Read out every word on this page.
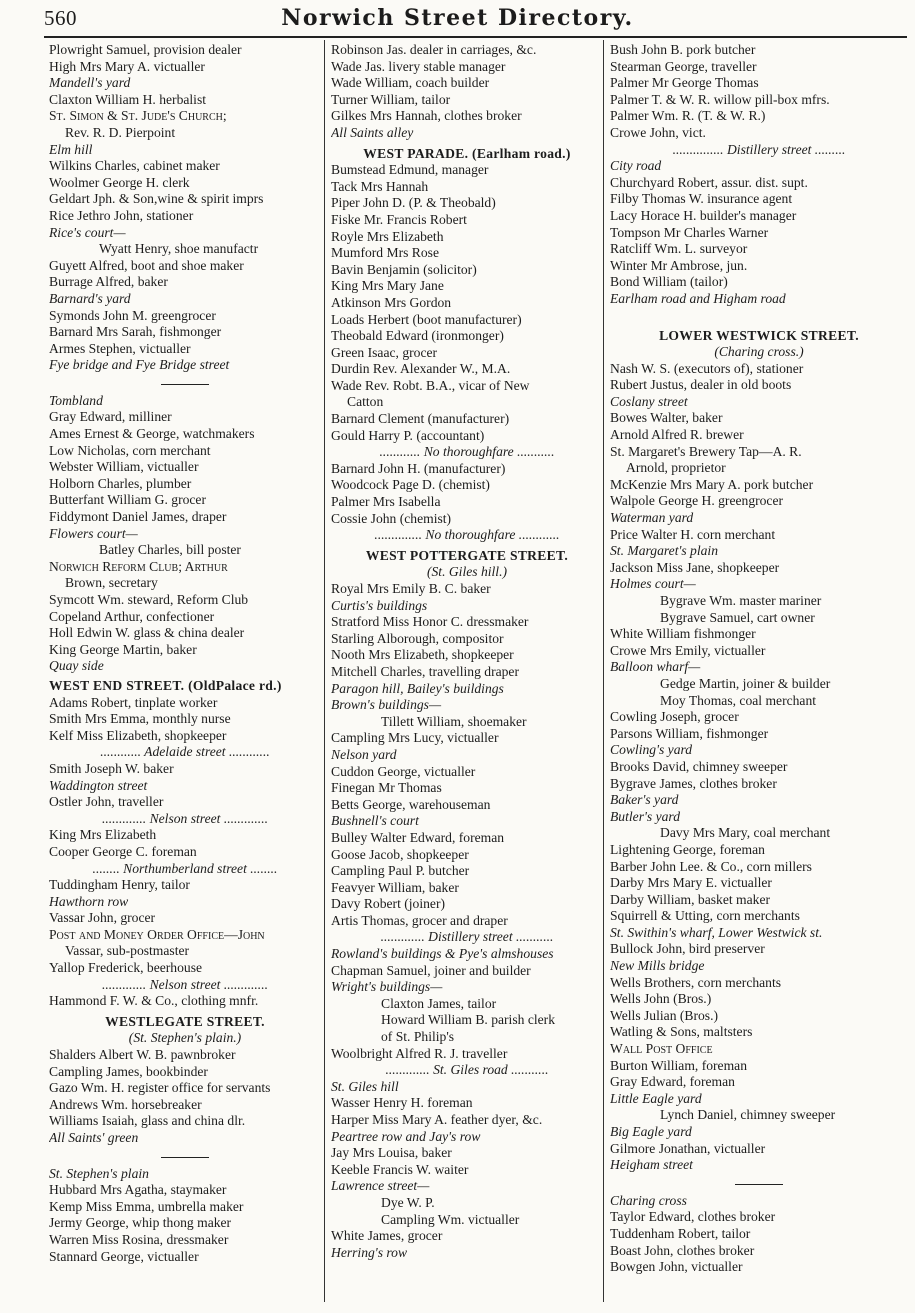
560	Norwich Street Directory.
Plowright Samuel, provision dealer
High Mrs Mary A. victualler
Mandell's yard
Claxton William H. herbalist
St. Simon & St. Jude's Church;
Rev. R. D. Pierpoint
Elm hill
Wilkins Charles, cabinet maker
Woolmer George H. clerk
Geldart Jph. & Son,wine & spirit imprs
Rice Jethro John, stationer
Rice's court—
Wyatt Henry, shoe manufactr
Guyett Alfred, boot and shoe maker
Burrage Alfred, baker
Barnard's yard
Symonds John M. greengrocer
Barnard Mrs Sarah, fishmonger
Armes Stephen, victualler
Fye bridge and Fye Bridge street
Tombland
Gray Edward, milliner
Ames Ernest & George, watchmakers
Low Nicholas, corn merchant
Webster William, victualler
Holborn Charles, plumber
Butterfant William G. grocer
Fiddymont Daniel James, draper
Flowers court—
Batley Charles, bill poster
Norwich Reform Club; Arthur
Brown, secretary
Symcott Wm. steward, Reform Club
Copeland Arthur, confectioner
Holl Edwin W. glass & china dealer
King George Martin, baker
Quay side
WEST END STREET. (OldPalace rd.)
Adams Robert, tinplate worker
Smith Mrs Emma, monthly nurse
Kelf Miss Elizabeth, shopkeeper
............ Adelaide street ............
Smith Joseph W. baker
Waddington street
Ostler John, traveller
............. Nelson street .............
King Mrs Elizabeth
Cooper George C. foreman
........ Northumberland street ........
Tuddingham Henry, tailor
Hawthorn row
Vassar John, grocer
Post and Money Order Office—John
Vassar, sub-postmaster
Yallop Frederick, beerhouse
............. Nelson street .............
Hammond F. W. & Co., clothing mnfr.
WESTLEGATE STREET.
(St. Stephen's plain.)
Shalders Albert W. B. pawnbroker
Campling James, bookbinder
Gazo Wm. H. register office for servants
Andrews Wm. horsebreaker
Williams Isaiah, glass and china dlr.
All Saints' green
St. Stephen's plain
Hubbard Mrs Agatha, staymaker
Kemp Miss Emma, umbrella maker
Jermy George, whip thong maker
Warren Miss Rosina, dressmaker
Stannard George, victualler
Robinson Jas. dealer in carriages, &c.
Wade Jas. livery stable manager
Wade William, coach builder
Turner William, tailor
Gilkes Mrs Hannah, clothes broker
All Saints alley
WEST PARADE. (Earlham road.)
Bumstead Edmund, manager
Tack Mrs Hannah
Piper John D. (P. & Theobald)
Fiske Mr. Francis Robert
Royle Mrs Elizabeth
Mumford Mrs Rose
Bavin Benjamin (solicitor)
King Mrs Mary Jane
Atkinson Mrs Gordon
Loads Herbert (boot manufacturer)
Theobald Edward (ironmonger)
Green Isaac, grocer
Durdin Rev. Alexander W., M.A.
Wade Rev. Robt. B.A., vicar of New
Catton
Barnard Clement (manufacturer)
Gould Harry P. (accountant)
............ No thoroughfare ...........
Barnard John H. (manufacturer)
Woodcock Page D. (chemist)
Palmer Mrs Isabella
Cossie John (chemist)
.............. No thoroughfare ............
WEST POTTERGATE STREET.
(St. Giles hill.)
Royal Mrs Emily B. C. baker
Curtis's buildings
Stratford Miss Honor C. dressmaker
Starling Alborough, compositor
Nooth Mrs Elizabeth, shopkeeper
Mitchell Charles, travelling draper
Paragon hill, Bailey's buildings
Brown's buildings—
Tillett William, shoemaker
Campling Mrs Lucy, victualler
Nelson yard
Cuddon George, victualler
Finegan Mr Thomas
Betts George, warehouseman
Bushnell's court
Bulley Walter Edward, foreman
Goose Jacob, shopkeeper
Campling Paul P. butcher
Feavyer William, baker
Davy Robert (joiner)
Artis Thomas, grocer and draper
............. Distillery street ...........
Rowland's buildings & Pye's almshouses
Chapman Samuel, joiner and builder
Wright's buildings—
Claxton James, tailor
Howard William B. parish clerk
of St. Philip's
Woolbright Alfred R. J. traveller
............. St. Giles road ...........
St. Giles hill
Wasser Henry H. foreman
Harper Miss Mary A. feather dyer, &c.
Peartree row and Jay's row
Jay Mrs Louisa, baker
Keeble Francis W. waiter
Lawrence street—
Dye W. P.
Campling Wm. victualler
White James, grocer
Herring's row
Bush John B. pork butcher
Stearman George, traveller
Palmer Mr George Thomas
Palmer T. & W. R. willow pill-box mfrs.
Palmer Wm. R. (T. & W. R.)
Crowe John, vict.
............... Distillery street .........
City road
Churchyard Robert, assur. dist. supt.
Filby Thomas W. insurance agent
Lacy Horace H. builder's manager
Tompson Mr Charles Warner
Ratcliff Wm. L. surveyor
Winter Mr Ambrose, jun.
Bond William (tailor)
Earlham road and Higham road
LOWER WESTWICK STREET.
(Charing cross.)
Nash W. S. (executors of), stationer
Rubert Justus, dealer in old boots
Coslany street
Bowes Walter, baker
Arnold Alfred R. brewer
St. Margaret's Brewery Tap—A. R.
Arnold, proprietor
McKenzie Mrs Mary A. pork butcher
Walpole George H. greengrocer
Waterman yard
Price Walter H. corn merchant
St. Margaret's plain
Jackson Miss Jane, shopkeeper
Holmes court—
Bygrave Wm. master mariner
Bygrave Samuel, cart owner
White William fishmonger
Crowe Mrs Emily, victualler
Balloon wharf—
Gedge Martin, joiner & builder
Moy Thomas, coal merchant
Cowling Joseph, grocer
Parsons William, fishmonger
Cowling's yard
Brooks David, chimney sweeper
Bygrave James, clothes broker
Baker's yard
Butler's yard
Davy Mrs Mary, coal merchant
Lightening George, foreman
Barber John Lee. & Co., corn millers
Darby Mrs Mary E. victualler
Darby William, basket maker
Squirrell & Utting, corn merchants
St. Swithin's wharf, Lower Westwick st.
Bullock John, bird preserver
New Mills bridge
Wells Brothers, corn merchants
Wells John (Bros.)
Wells Julian (Bros.)
Watling & Sons, maltsters
Wall Post Office
Burton William, foreman
Gray Edward, foreman
Little Eagle yard
Lynch Daniel, chimney sweeper
Big Eagle yard
Gilmore Jonathan, victualler
Heigham street
Charing cross
Taylor Edward, clothes broker
Tuddenham Robert, tailor
Boast John, clothes broker
Bowgen John, victualler
